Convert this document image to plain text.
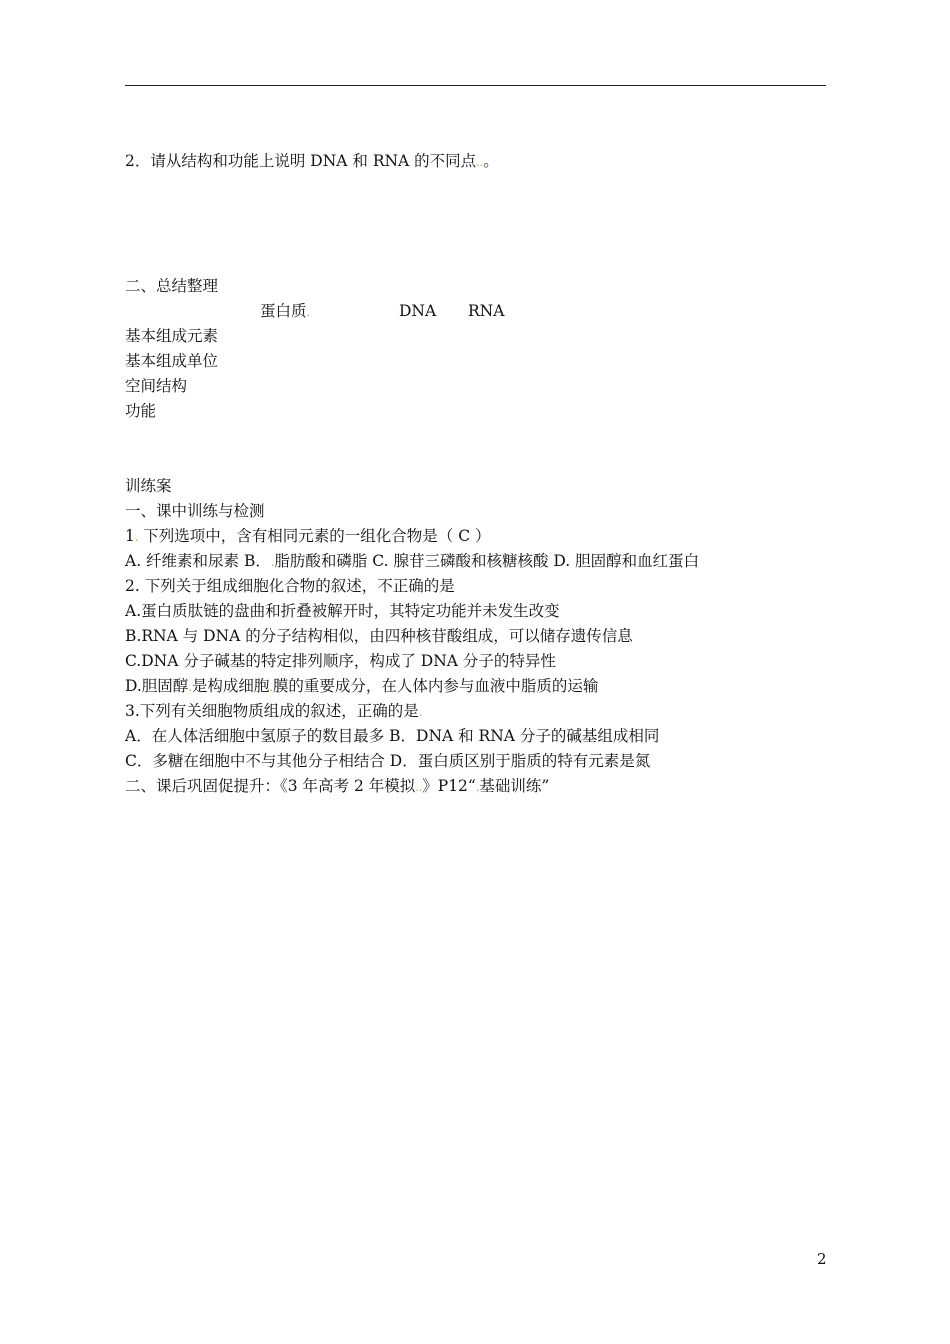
2．请从结构和功能上说明 DNA 和 RNA 的不同点..。
二、总结整理
蛋白质.	DNA RNA
基本组成元素
基本组成单位
空间结构
功能
训练案
一、课中训练与检测
1. 下列选项中，含有相同元素的一组化合物是（ C ）
A. 纤维素和尿素 B．.脂肪酸和磷脂 C. 腺苷三磷酸和核糖核酸 D. 胆固醇和血红蛋白
2. 下列关于组成细胞化合物的叙述，不正确的是
A.蛋白质肽链的盘曲和折叠被解开时，其特定功能并未发生改变
B.RNA 与 DNA 的分子结构相似，由四种核苷酸组成，可以储存遗传信息
C.DNA 分子碱基的特定排列顺序，构成了 DNA 分子的特异性
D.胆固醇.是构成细胞.膜的重要成分，在人体内参与血液中脂质的运输
3.下列有关细胞物质组成的叙述，正确的是.
A．在人体活细胞中氢原子的数目最多 B．DNA 和 RNA 分子的碱基组成相同
C．多糖在细胞中不与其他分子相结合 D．蛋白质区别于脂质的特有元素是氮
二、课后巩固促提升：《3 年高考 2 年模拟..》P12“.基础训练”
2
